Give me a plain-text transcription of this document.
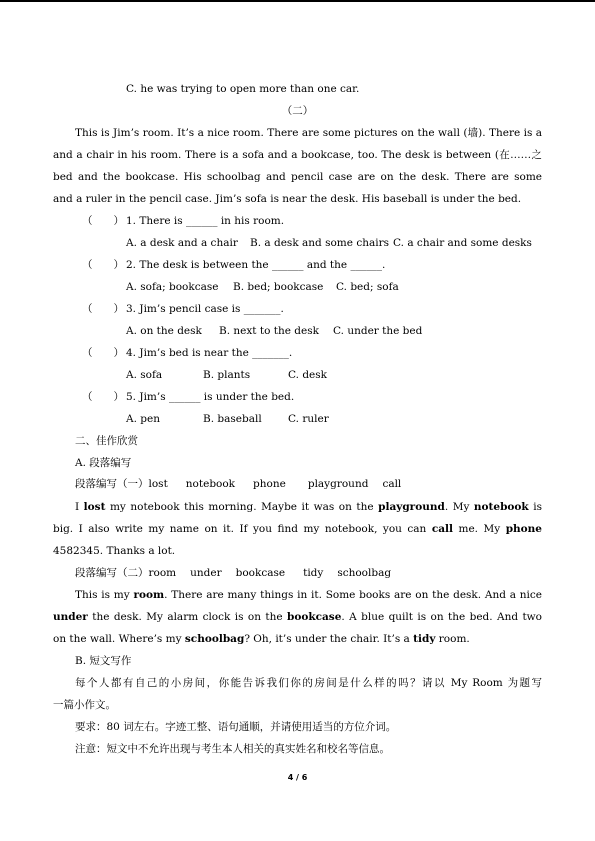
C. he was trying to open more than one car.
（二）
This is Jim’s room. It’s a nice room. There are some pictures on the wall (墙). There is a
and a chair in his room. There is a sofa and a bookcase, too. The desk is between (在……之
bed and the bookcase. His schoolbag and pencil case are on the desk. There are some
and a ruler in the pencil case. Jim’s sofa is near the desk. His baseball is under the bed.
（　　） 1. There is ______ in his room.
A. a desk and a chair B. a desk and some chairs C. a chair and some desks
（　　） 2. The desk is between the ______ and the ______.
A. sofa; bookcase B. bed; bookcase C. bed; sofa
（　　） 3. Jim’s pencil case is _______.
A. on the desk B. next to the desk C. under the bed
（　　） 4. Jim’s bed is near the _______.
A. sofa	B. plants	C. desk
（　　） 5. Jim’s ______ is under the bed.
A. pen	B. baseball	C. ruler
二、佳作欣赏
A. 段落编写
段落编写（一）lost notebook phone playground call
I lost my notebook this morning. Maybe it was on the playground. My notebook is
big. I also write my name on it. If you find my notebook, you can call me. My phone
4582345. Thanks a lot.
段落编写（二）room under bookcase tidy schoolbag
This is my room. There are many things in it. Some books are on the desk. And a nice
under the desk. My alarm clock is on the bookcase. A blue quilt is on the bed. And two
on the wall. Where’s my schoolbag? Oh, it’s under the chair. It’s a tidy room.
B. 短文写作
每个人都有自己的小房间，你能告诉我们你的房间是什么样的吗？请以 My Room 为题写
一篇小作文。
要求：80 词左右。字迹工整、语句通顺，并请使用适当的方位介词。
注意：短文中不允许出现与考生本人相关的真实姓名和校名等信息。
4 / 6
